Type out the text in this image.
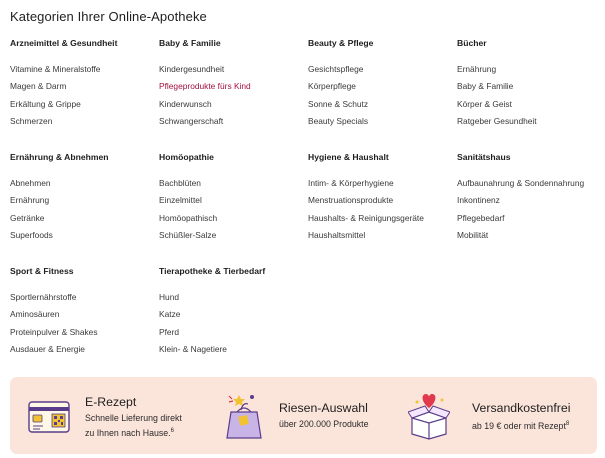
Kategorien Ihrer Online-Apotheke
Arzneimittel & Gesundheit
Vitamine & Mineralstoffe
Magen & Darm
Erkältung & Grippe
Schmerzen
Baby & Familie
Kindergesundheit
Pflegeprodukte fürs Kind
Kinderwunsch
Schwangerschaft
Beauty & Pflege
Gesichtspflege
Körperpflege
Sonne & Schutz
Beauty Specials
Bücher
Ernährung
Baby & Familie
Körper & Geist
Ratgeber Gesundheit
Ernährung & Abnehmen
Abnehmen
Ernährung
Getränke
Superfoods
Homöopathie
Bachblüten
Einzelmittel
Homöopathisch
Schüßler-Salze
Hygiene & Haushalt
Intim- & Körperhygiene
Menstruationsprodukte
Haushalts- & Reinigungsgeräte
Haushaltsmittel
Sanitätshaus
Aufbaunahrung & Sondennahrung
Inkontinenz
Pflegebedarf
Mobilität
Sport & Fitness
Sportlernährstoffe
Aminosäuren
Proteinpulver & Shakes
Ausdauer & Energie
Tierapotheke & Tierbedarf
Hund
Katze
Pferd
Klein- & Nagetiere
E-Rezept
Schnelle Lieferung direkt
zu Ihnen nach Hause.$^6$
Riesen-Auswahl
über 200.000 Produkte
Versandkostenfrei
ab 19 € oder mit Rezept$^8$
